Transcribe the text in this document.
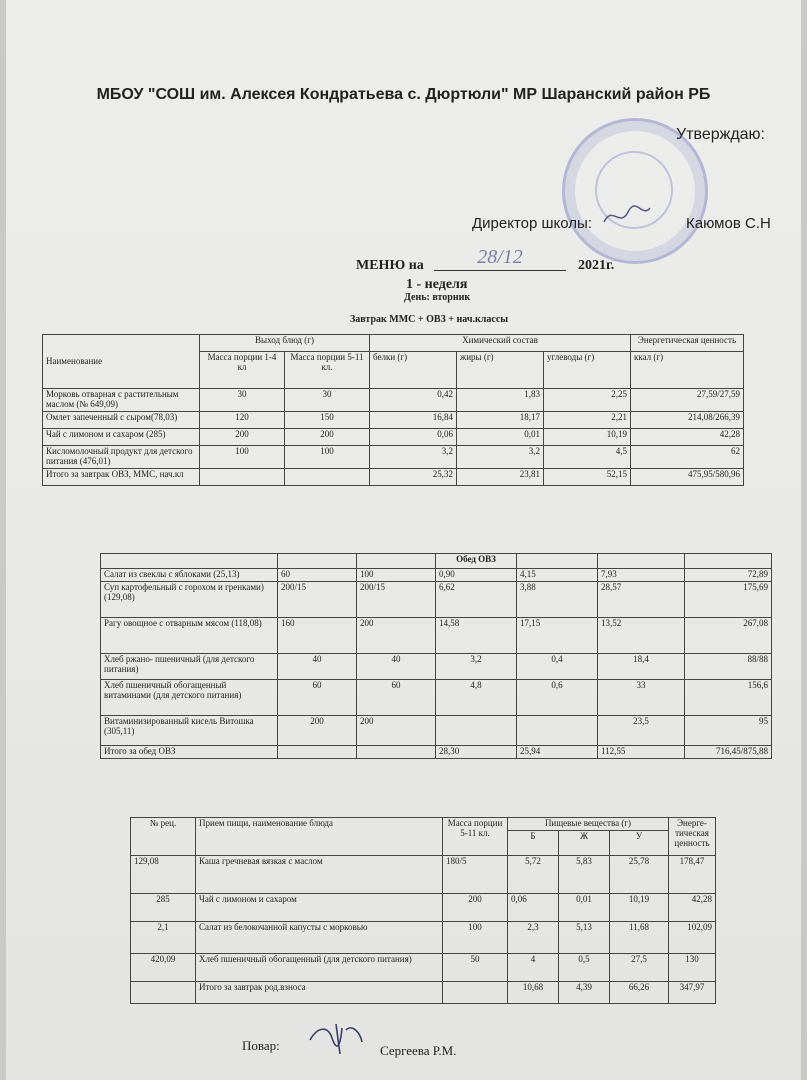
МБОУ "СОШ им. Алексея Кондратьева с. Дюртюли" МР Шаранский район РБ
Утверждаю:
Директор школы:	Каюмов С.Н
МЕНЮ на	28/12	2021г.
1 - неделя
День: вторник
Завтрак ММС + ОВЗ + нач.классы
Наименование	Выход блюд (г)		Химический состав			Энергетическая ценность
	Масса порции 1-4 кл	Масса порции 5-11 кл.	белки (г)	жиры (г)	углеводы (г)	ккал (г)
Морковь отварная с растительным маслом (№ 649,09)	30	30	0,42	1,83	2,25	27,59/27,59
Омлет запеченный с сыром(78,03)	120	150	16,84	18,17	2,21	214,08/266,39
Чай с лимоном и сахаром (285)	200	200	0,06	0,01	10,19	42,28
Кисломолочный продукт для детского питания (476,01)	100	100	3,2	3,2	4,5	62
Итого за завтрак ОВЗ, ММС, нач.кл			25,32	23,81	52,15	475,95/580,96
			Обед ОВЗ			
Салат из свеклы с яблоками (25,13)	60	100	0,90	4,15	7,93	72,89
Суп картофельный с горохом и гренками) (129,08)	200/15	200/15	6,62	3,88	28,57	175,69
Рагу овощное с отварным мясом (118,08)	160	200	14,58	17,15	13,52	267,08
Хлеб ржано- пшеничный (для детского питания)	40	40	3,2	0,4	18,4	88/88
Хлеб пшеничный обогащенный витаминами (для детского питания)	60	60	4,8	0,6	33	156,6
Витаминизированный кисель Витошка (305,11)	200	200			23,5	95
Итого за обед ОВЗ			28,30	25,94	112,55	716,45/875,88
№ рец.	Прием пищи, наименование блюда	Масса порции 5-11 кл.	Пищевые вещества (г)			Энерге- тическая ценность
			Б	Ж	У	
129,08	Каша гречневая вязкая с маслом	180/5	5,72	5,83	25,78	178,47
285	Чай с лимоном и сахаром	200	0,06	0,01	10,19	42,28
2,1	Салат из белокочанной капусты с морковью	100	2,3	5,13	11,68	102,09
420,09	Хлеб пшеничный обогащенный (для детского питания)	50	4	0,5	27,5	130
	Итого за завтрак род.взноса		10,68	4,39	66,26	347,97
Повар:	Сергеева Р.М.
